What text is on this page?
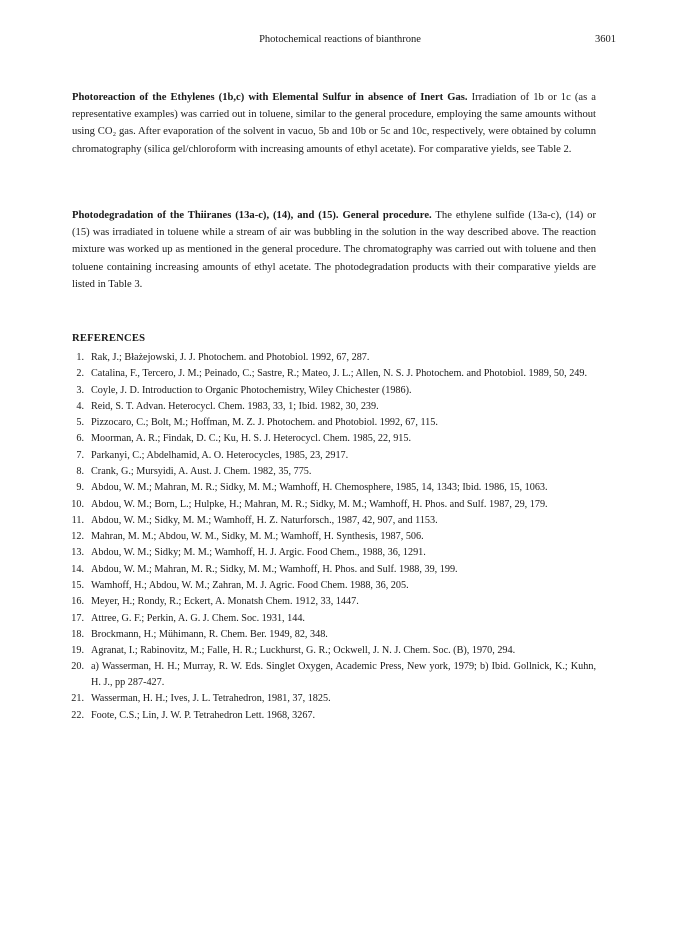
Photochemical reactions of bianthrone	3601

Photoreaction of the Ethylenes (1b,c) with Elemental Sulfur in absence of Inert Gas. Irradiation of 1b or 1c (as a representative examples) was carried out in toluene, similar to the general procedure, employing the same amounts without using CO₂ gas. After evaporation of the solvent in vacuo, 5b and 10b or 5c and 10c, respectively, were obtained by column chromatography (silica gel/chloroform with increasing amounts of ethyl acetate). For comparative yields, see Table 2.

Photodegradation of the Thiiranes (13a-c), (14), and (15). General procedure. The ethylene sulfide (13a-c), (14) or (15) was irradiated in toluene while a stream of air was bubbling in the solution in the way described above. The reaction mixture was worked up as mentioned in the general procedure. The chromatography was carried out with toluene and then toluene containing increasing amounts of ethyl acetate. The photodegradation products with their comparative yields are listed in Table 3.

REFERENCES
1. Rak, J.; Błażejowski, J. J. Photochem. and Photobiol. 1992, 67, 287.
2. Catalina, F., Tercero, J. M.; Peinado, C.; Sastre, R.; Mateo, J. L.; Allen, N. S. J. Photochem. and Photobiol. 1989, 50, 249.
3. Coyle, J. D. Introduction to Organic Photochemistry, Wiley Chichester (1986).
4. Reid, S. T. Advan. Heterocycl. Chem. 1983, 33, 1; Ibid. 1982, 30, 239.
5. Pizzocaro, C.; Bolt, M.; Hoffman, M. Z. J. Photochem. and Photobiol. 1992, 67, 115.
6. Moorman, A. R.; Findak, D. C.; Ku, H. S. J. Heterocycl. Chem. 1985, 22, 915.
7. Parkanyi, C.; Abdelhamid, A. O. Heterocycles, 1985, 23, 2917.
8. Crank, G.; Mursyidi, A. Aust. J. Chem. 1982, 35, 775.
9. Abdou, W. M.; Mahran, M. R.; Sidky, M. M.; Wamhoff, H. Chemosphere, 1985, 14, 1343; Ibid. 1986, 15, 1063.
10. Abdou, W. M.; Born, L.; Hulpke, H.; Mahran, M. R.; Sidky, M. M.; Wamhoff, H. Phos. and Sulf. 1987, 29, 179.
11. Abdou, W. M.; Sidky, M. M.; Wamhoff, H. Z. Naturforsch., 1987, 42, 907, and 1153.
12. Mahran, M. M.; Abdou, W. M., Sidky, M. M.; Wamhoff, H. Synthesis, 1987, 506.
13. Abdou, W. M.; Sidky; M. M.; Wamhoff, H. J. Argic. Food Chem., 1988, 36, 1291.
14. Abdou, W. M.; Mahran, M. R.; Sidky, M. M.; Wamhoff, H. Phos. and Sulf. 1988, 39, 199.
15. Wamhoff, H.; Abdou, W. M.; Zahran, M. J. Agric. Food Chem. 1988, 36, 205.
16. Meyer, H.; Rondy, R.; Eckert, A. Monatsh Chem. 1912, 33, 1447.
17. Attree, G. F.; Perkin, A. G. J. Chem. Soc. 1931, 144.
18. Brockmann, H.; Mühimann, R. Chem. Ber. 1949, 82, 348.
19. Agranat, I.; Rabinovitz, M.; Falle, H. R.; Luckhurst, G. R.; Ockwell, J. N. J. Chem. Soc. (B), 1970, 294.
20. a) Wasserman, H. H.; Murray, R. W. Eds. Singlet Oxygen, Academic Press, New york, 1979; b) Ibid. Gollnick, K.; Kuhn, H. J., pp 287-427.
21. Wasserman, H. H.; Ives, J. L. Tetrahedron, 1981, 37, 1825.
22. Foote, C.S.; Lin, J. W. P. Tetrahedron Lett. 1968, 3267.
